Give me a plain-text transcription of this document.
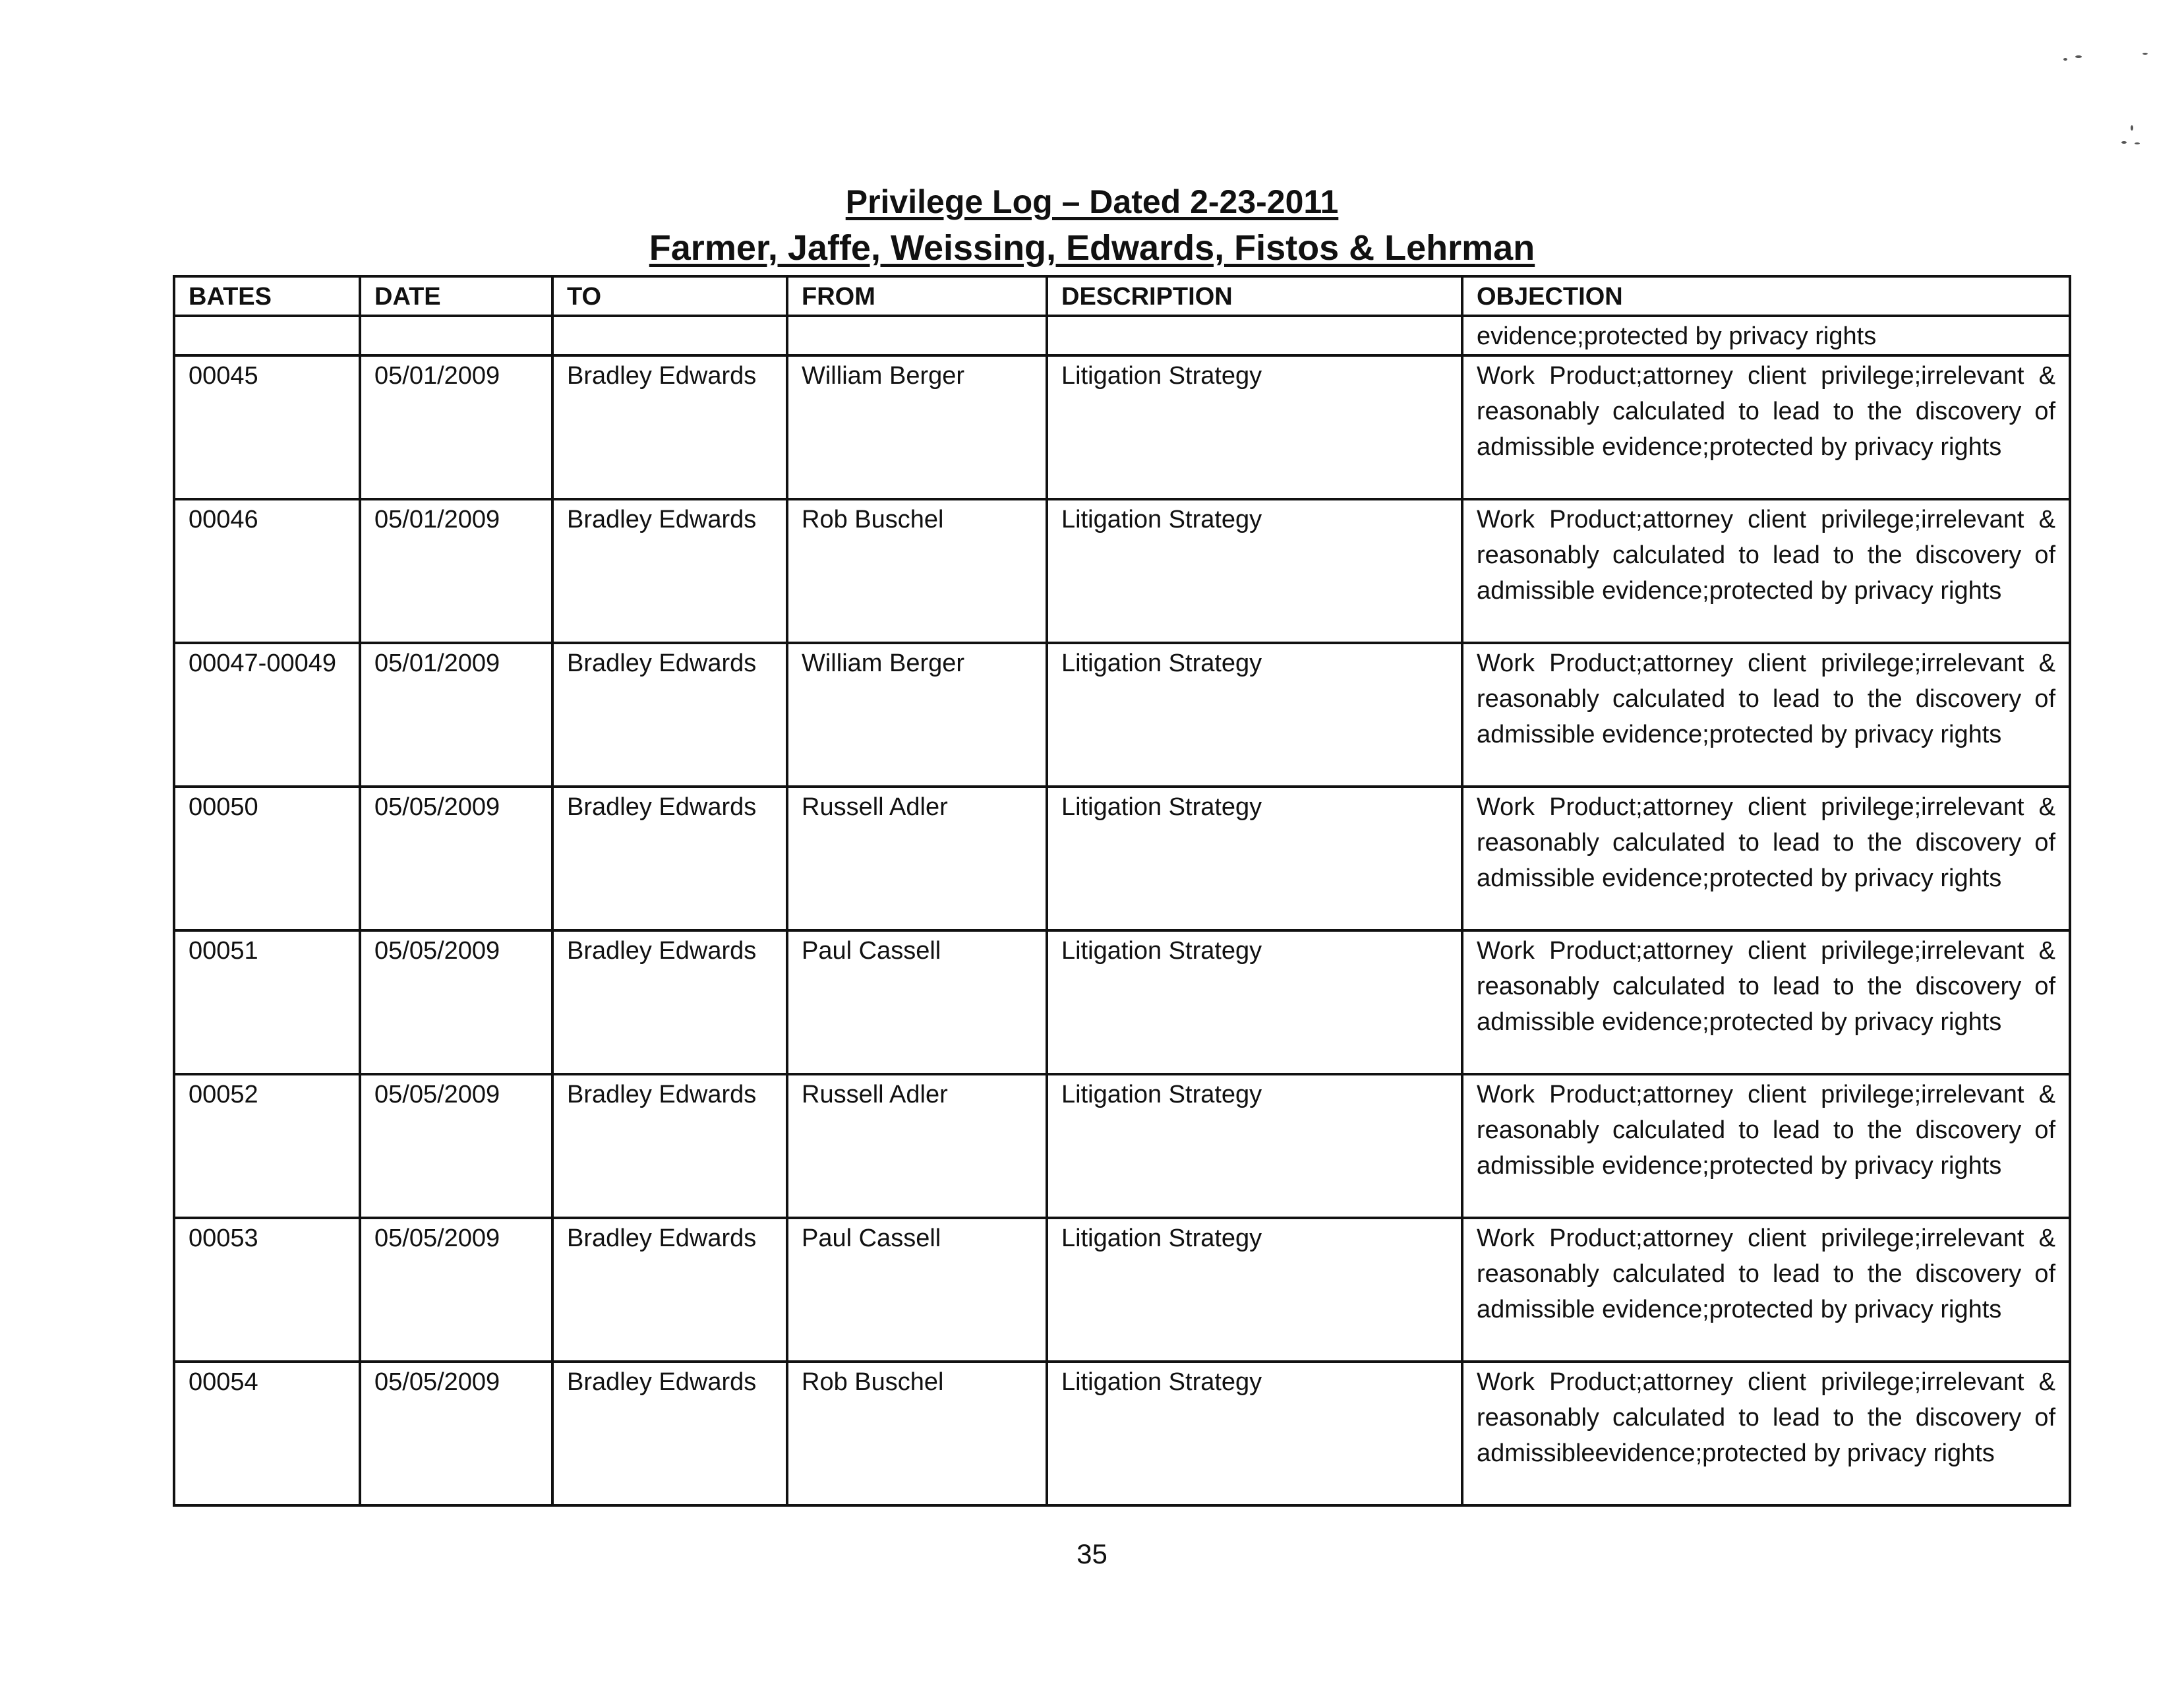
Privilege Log – Dated 2-23-2011
Farmer, Jaffe, Weissing, Edwards, Fistos & Lehrman
BATES	DATE	TO	FROM	DESCRIPTION	OBJECTION
					evidence;protected by privacy rights
00045	05/01/2009	Bradley Edwards	William Berger	Litigation Strategy	Work Product;attorney client privilege;irrelevant & reasonably calculated to lead to the discovery of admissible evidence;protected by privacy rights
00046	05/01/2009	Bradley Edwards	Rob Buschel	Litigation Strategy	Work Product;attorney client privilege;irrelevant & reasonably calculated to lead to the discovery of admissible evidence;protected by privacy rights
00047-00049	05/01/2009	Bradley Edwards	William Berger	Litigation Strategy	Work Product;attorney client privilege;irrelevant & reasonably calculated to lead to the discovery of admissible evidence;protected by privacy rights
00050	05/05/2009	Bradley Edwards	Russell Adler	Litigation Strategy	Work Product;attorney client privilege;irrelevant & reasonably calculated to lead to the discovery of admissible evidence;protected by privacy rights
00051	05/05/2009	Bradley Edwards	Paul Cassell	Litigation Strategy	Work Product;attorney client privilege;irrelevant & reasonably calculated to lead to the discovery of admissible evidence;protected by privacy rights
00052	05/05/2009	Bradley Edwards	Russell Adler	Litigation Strategy	Work Product;attorney client privilege;irrelevant & reasonably calculated to lead to the discovery of admissible evidence;protected by privacy rights
00053	05/05/2009	Bradley Edwards	Paul Cassell	Litigation Strategy	Work Product;attorney client privilege;irrelevant & reasonably calculated to lead to the discovery of admissible evidence;protected by privacy rights
00054	05/05/2009	Bradley Edwards	Rob Buschel	Litigation Strategy	Work Product;attorney client privilege;irrelevant & reasonably calculated to lead to the discovery of admissibleevidence;protected by privacy rights
35
